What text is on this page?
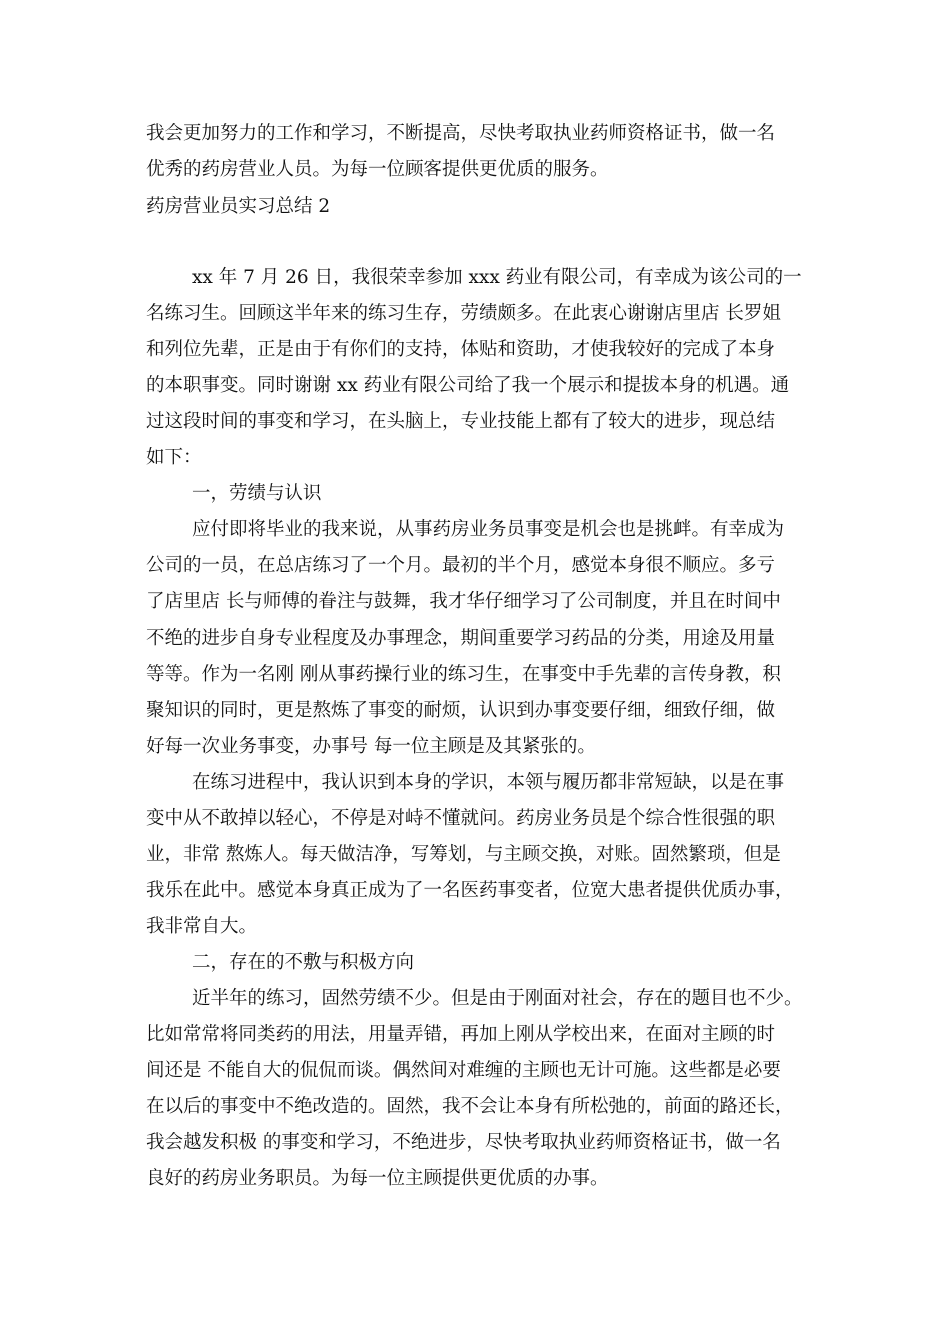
我会更加努力的工作和学习，不断提高，尽快考取执业药师资格证书，做一名
优秀的药房营业人员。为每一位顾客提供更优质的服务。
药房营业员实习总结 2
xx 年 7 月 26 日，我很荣幸参加 xxx 药业有限公司，有幸成为该公司的一
名练习生。回顾这半年来的练习生存，劳绩颇多。在此衷心谢谢店里店 长罗姐
和列位先辈，正是由于有你们的支持，体贴和资助，才使我较好的完成了本身
的本职事变。同时谢谢 xx 药业有限公司给了我一个展示和提拔本身的机遇。通
过这段时间的事变和学习，在头脑上，专业技能上都有了较大的进步，现总结
如下：
一，劳绩与认识
应付即将毕业的我来说，从事药房业务员事变是机会也是挑衅。有幸成为
公司的一员，在总店练习了一个月。最初的半个月，感觉本身很不顺应。多亏
了店里店 长与师傅的眷注与鼓舞，我才华仔细学习了公司制度，并且在时间中
不绝的进步自身专业程度及办事理念，期间重要学习药品的分类，用途及用量
等等。作为一名刚 刚从事药操行业的练习生，在事变中手先辈的言传身教，积
聚知识的同时，更是熬炼了事变的耐烦，认识到办事变要仔细，细致仔细，做
好每一次业务事变，办事号 每一位主顾是及其紧张的。
在练习进程中，我认识到本身的学识，本领与履历都非常短缺，以是在事
变中从不敢掉以轻心，不停是对峙不懂就问。药房业务员是个综合性很强的职
业，非常 熬炼人。每天做洁净，写筹划，与主顾交换，对账。固然繁琐，但是
我乐在此中。感觉本身真正成为了一名医药事变者，位宽大患者提供优质办事，
我非常自大。
二，存在的不敷与积极方向
近半年的练习，固然劳绩不少。但是由于刚面对社会，存在的题目也不少。
比如常常将同类药的用法，用量弄错，再加上刚从学校出来，在面对主顾的时
间还是 不能自大的侃侃而谈。偶然间对难缠的主顾也无计可施。这些都是必要
在以后的事变中不绝改造的。固然，我不会让本身有所松弛的，前面的路还长，
我会越发积极 的事变和学习，不绝进步，尽快考取执业药师资格证书，做一名
良好的药房业务职员。为每一位主顾提供更优质的办事。
